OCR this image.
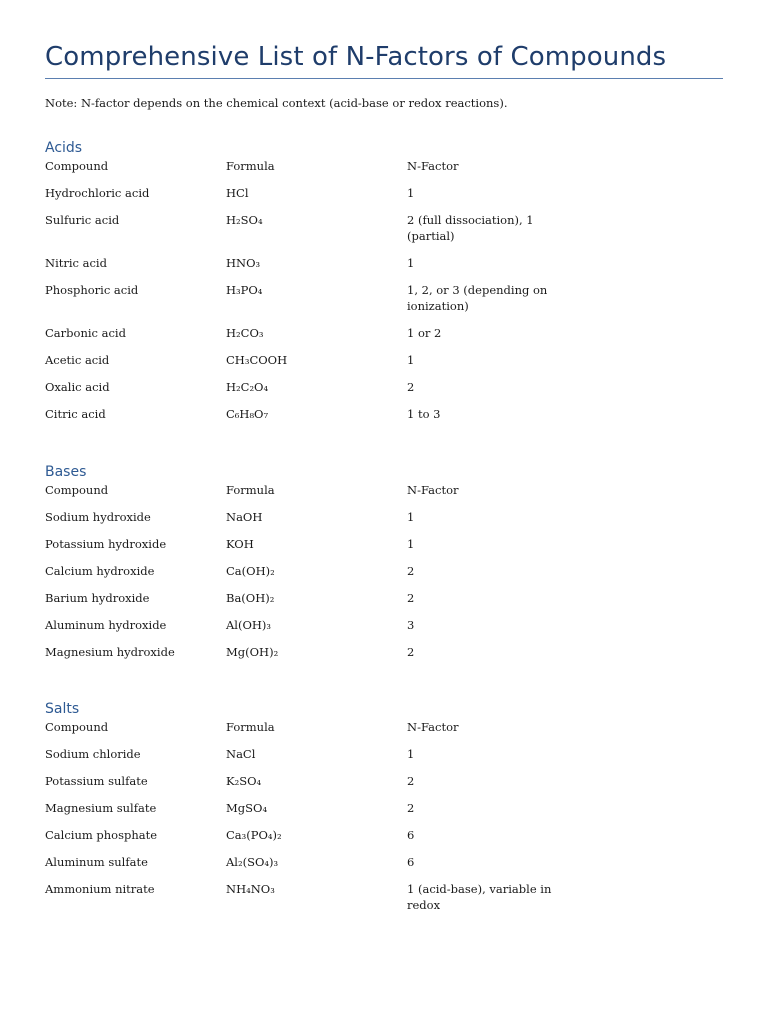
Comprehensive List of N-Factors of Compounds
Note: N-factor depends on the chemical context (acid-base or redox reactions).
Acids
Compound	Formula	N-Factor
Hydrochloric acid	HCl	1
Sulfuric acid	H₂SO₄	2 (full dissociation), 1 (partial)
Nitric acid	HNO₃	1
Phosphoric acid	H₃PO₄	1, 2, or 3 (depending on ionization)
Carbonic acid	H₂CO₃	1 or 2
Acetic acid	CH₃COOH	1
Oxalic acid	H₂C₂O₄	2
Citric acid	C₆H₈O₇	1 to 3
Bases
Compound	Formula	N-Factor
Sodium hydroxide	NaOH	1
Potassium hydroxide	KOH	1
Calcium hydroxide	Ca(OH)₂	2
Barium hydroxide	Ba(OH)₂	2
Aluminum hydroxide	Al(OH)₃	3
Magnesium hydroxide	Mg(OH)₂	2
Salts
Compound	Formula	N-Factor
Sodium chloride	NaCl	1
Potassium sulfate	K₂SO₄	2
Magnesium sulfate	MgSO₄	2
Calcium phosphate	Ca₃(PO₄)₂	6
Aluminum sulfate	Al₂(SO₄)₃	6
Ammonium nitrate	NH₄NO₃	1 (acid-base), variable in redox
